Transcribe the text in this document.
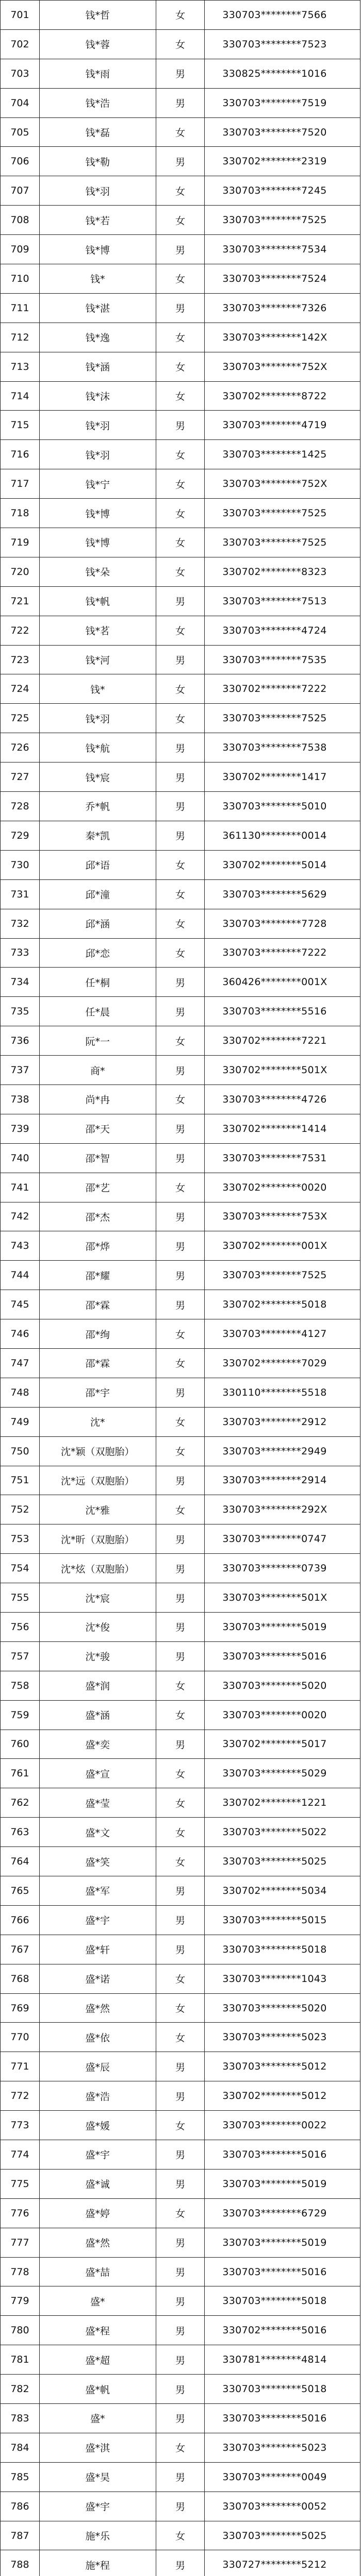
701	钱*哲	女	330703********7566
702	钱*蓉	女	330703********7523
703	钱*雨	男	330825********1016
704	钱*浩	男	330703********7519
705	钱*磊	女	330703********7520
706	钱*勒	男	330702********2319
707	钱*羽	女	330703********7245
708	钱*若	女	330703********7525
709	钱*博	男	330703********7534
710	钱*	女	330703********7524
711	钱*湛	男	330703********7326
712	钱*逸	女	330703********142X
713	钱*涵	女	330703********752X
714	钱*沫	女	330702********8722
715	钱*羽	男	330703********4719
716	钱*羽	女	330703********1425
717	钱*宁	女	330703********752X
718	钱*博	女	330703********7525
719	钱*博	女	330703********7525
720	钱*朵	女	330702********8323
721	钱*帆	男	330703********7513
722	钱*茗	女	330703********4724
723	钱*河	男	330703********7535
724	钱*	女	330702********7222
725	钱*羽	女	330703********7525
726	钱*航	男	330703********7538
727	钱*宸	男	330702********1417
728	乔*帆	男	330703********5010
729	秦*凯	男	361130********0014
730	邱*语	女	330702********5014
731	邱*潼	女	330703********5629
732	邱*涵	女	330703********7728
733	邱*恋	女	330703********7222
734	任*桐	男	360426********001X
735	任*晨	男	330703********5516
736	阮*一	女	330702********7221
737	商*	男	330702********501X
738	尚*冉	女	330703********4726
739	邵*天	男	330702********1414
740	邵*智	男	330703********7531
741	邵*艺	女	330702********0020
742	邵*杰	男	330703********753X
743	邵*烨	男	330702********001X
744	邵*耀	男	330703********7525
745	邵*霖	男	330702********5018
746	邵*绚	女	330703********4127
747	邵*霖	女	330702********7029
748	邵*宇	男	330110********5518
749	沈*	女	330703********2912
750	沈*颖（双胞胎）	女	330703********2949
751	沈*远（双胞胎）	男	330703********2914
752	沈*雅	女	330703********292X
753	沈*昕（双胞胎）	男	330703********0747
754	沈*炫（双胞胎）	男	330703********0739
755	沈*宸	男	330703********501X
756	沈*俊	男	330703********5019
757	沈*骏	男	330703********5016
758	盛*润	女	330703********5020
759	盛*涵	女	330703********0020
760	盛*奕	男	330702********5017
761	盛*宣	女	330703********5029
762	盛*莹	女	330702********1221
763	盛*文	女	330703********5022
764	盛*笑	女	330703********5025
765	盛*军	男	330702********5034
766	盛*宇	男	330703********5015
767	盛*轩	男	330703********5018
768	盛*诺	女	330703********1043
769	盛*然	女	330703********5020
770	盛*依	女	330703********5023
771	盛*辰	男	330703********5012
772	盛*浩	男	330702********5012
773	盛*媛	女	330703********0022
774	盛*宇	男	330703********5016
775	盛*诚	男	330703********5019
776	盛*婷	女	330703********6729
777	盛*然	男	330703********5019
778	盛*喆	男	330703********5016
779	盛*	男	330703********5018
780	盛*程	男	330702********5016
781	盛*超	男	330781********4814
782	盛*帆	男	330703********5018
783	盛*	男	330703********5016
784	盛*淇	女	330703********5023
785	盛*昊	男	330703********0049
786	盛*宇	男	330703********0052
787	施*乐	女	330703********5025
788	施*程	男	330727********5212
